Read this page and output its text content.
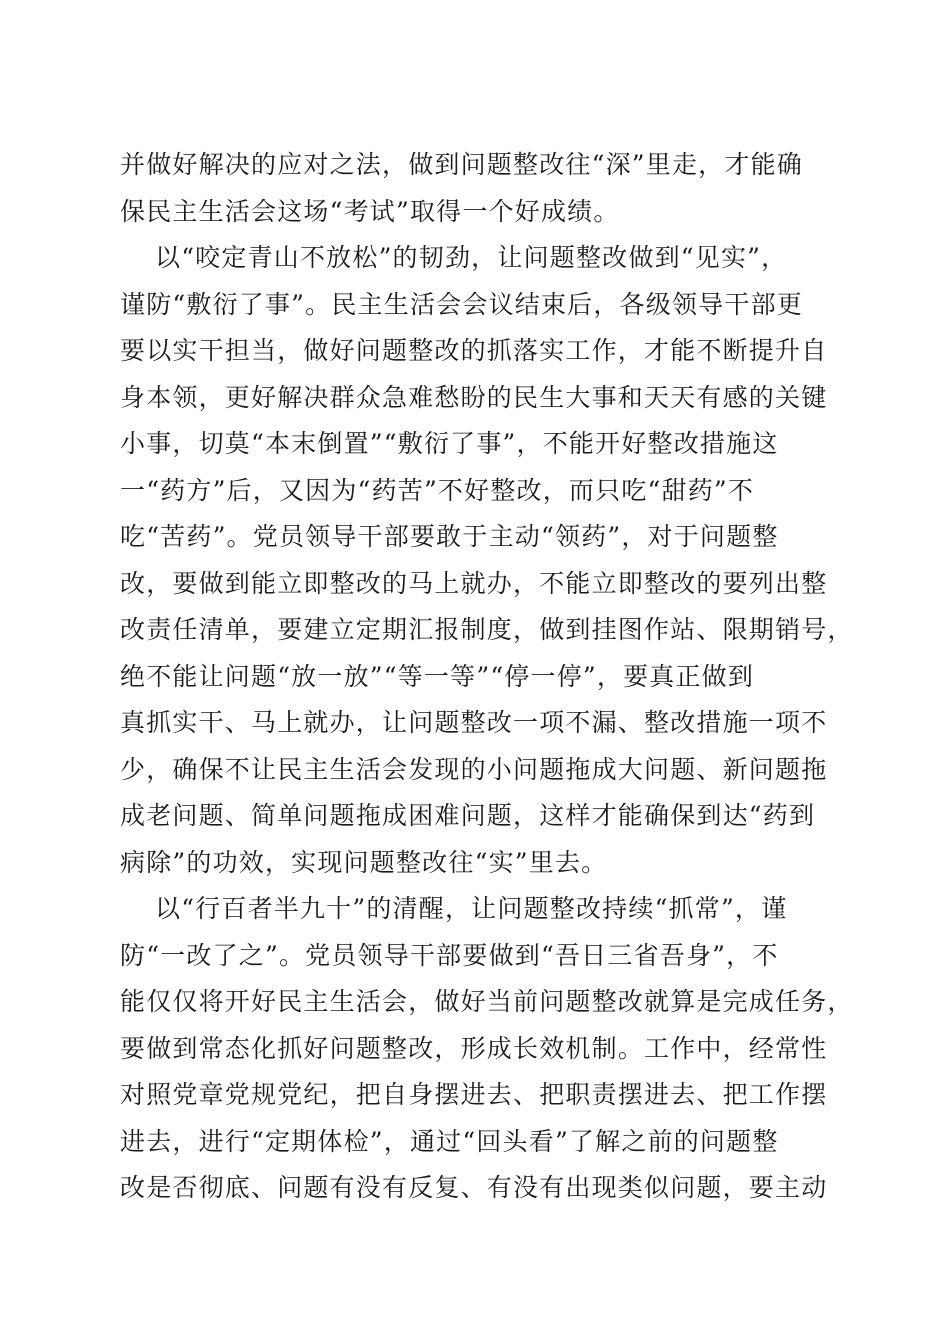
并做好解决的应对之法，做到问题整改往“深”里走，才能确
保民主生活会这场“考试”取得一个好成绩。
以“咬定青山不放松”的韧劲，让问题整改做到“见实”，
谨防“敷衍了事”。民主生活会会议结束后，各级领导干部更
要以实干担当，做好问题整改的抓落实工作，才能不断提升自
身本领，更好解决群众急难愁盼的民生大事和天天有感的关键
小事，切莫“本末倒置”“敷衍了事”，不能开好整改措施这
一“药方”后，又因为“药苦”不好整改，而只吃“甜药”不
吃“苦药”。党员领导干部要敢于主动“领药”，对于问题整
改，要做到能立即整改的马上就办，不能立即整改的要列出整
改责任清单，要建立定期汇报制度，做到挂图作站、限期销号，
绝不能让问题“放一放”“等一等”“停一停”，要真正做到
真抓实干、马上就办，让问题整改一项不漏、整改措施一项不
少，确保不让民主生活会发现的小问题拖成大问题、新问题拖
成老问题、简单问题拖成困难问题，这样才能确保到达“药到
病除”的功效，实现问题整改往“实”里去。
以“行百者半九十”的清醒，让问题整改持续“抓常”，谨
防“一改了之”。党员领导干部要做到“吾日三省吾身”，不
能仅仅将开好民主生活会，做好当前问题整改就算是完成任务，
要做到常态化抓好问题整改，形成长效机制。工作中，经常性
对照党章党规党纪，把自身摆进去、把职责摆进去、把工作摆
进去，进行“定期体检”，通过“回头看”了解之前的问题整
改是否彻底、问题有没有反复、有没有出现类似问题，要主动
